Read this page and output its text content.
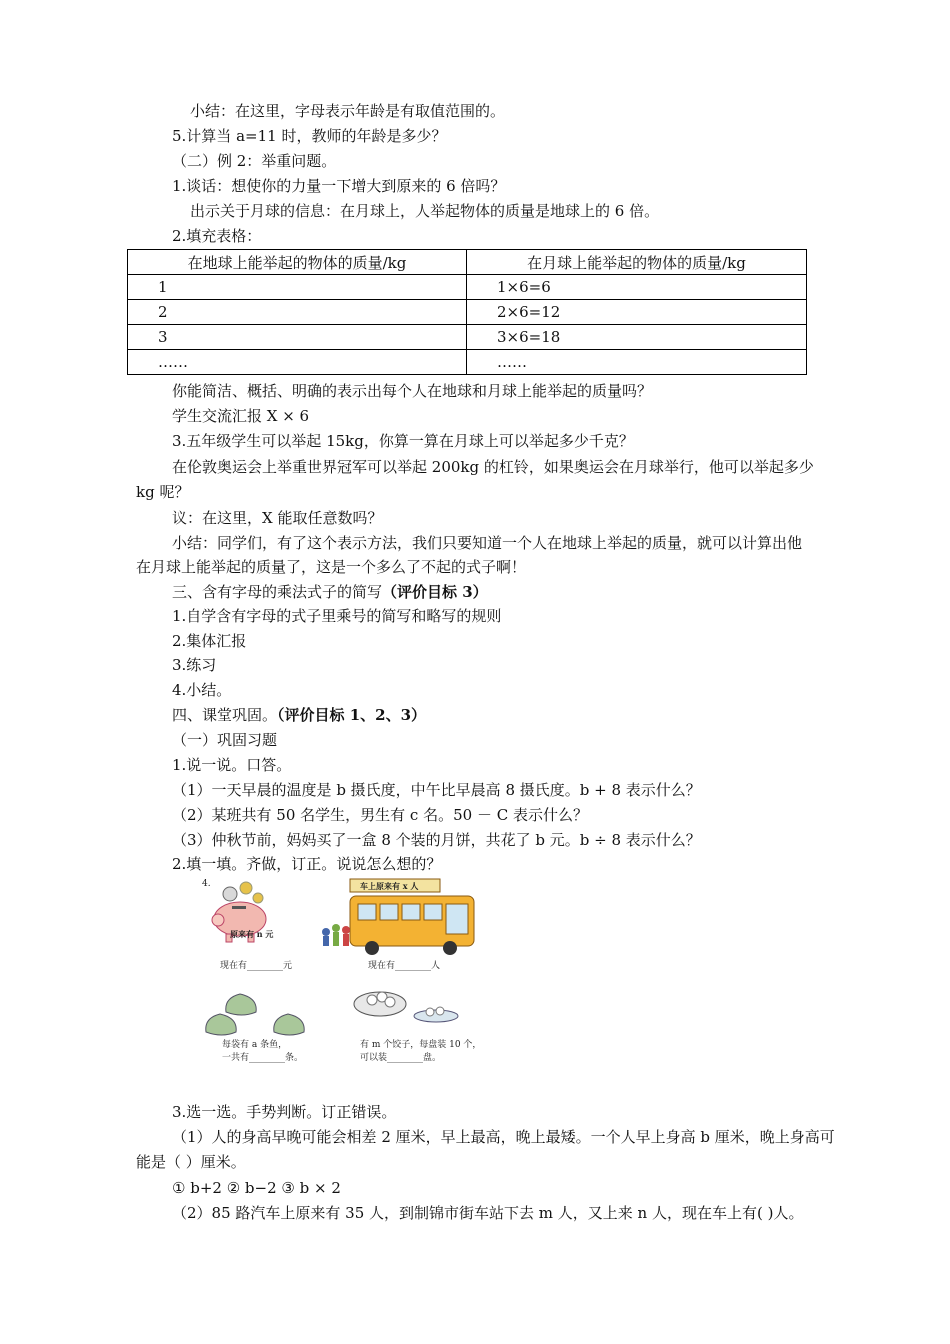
小结：在这里，字母表示年龄是有取值范围的。
5.计算当 a=11 时，教师的年龄是多少？
（二）例 2：举重问题。
1.谈话：想使你的力量一下增大到原来的 6 倍吗？
出示关于月球的信息：在月球上，人举起物体的质量是地球上的 6 倍。
2.填充表格：
在地球上能举起的物体的质量/kg	在月球上能举起的物体的质量/kg
1	1×6=6
2	2×6=12
3	3×6=18
……	……
你能简洁、概括、明确的表示出每个人在地球和月球上能举起的质量吗？
学生交流汇报 X × 6
3.五年级学生可以举起 15kg，你算一算在月球上可以举起多少千克？
在伦敦奥运会上举重世界冠军可以举起 200kg 的杠铃，如果奥运会在月球举行，他可以举起多少
kg 呢？
议：在这里，X 能取任意数吗？
小结：同学们，有了这个表示方法，我们只要知道一个人在地球上举起的质量，就可以计算出他
在月球上能举起的质量了，这是一个多么了不起的式子啊！
三、含有字母的乘法式子的简写（评价目标 3）
1.自学含有字母的式子里乘号的简写和略写的规则
2.集体汇报
3.练习
4.小结。
四、课堂巩固。（评价目标 1、2、3）
（一）巩固习题
1.说一说。口答。
（1）一天早晨的温度是 b 摄氏度，中午比早晨高 8 摄氏度。b + 8 表示什么？
（2）某班共有 50 名学生，男生有 c 名。50 － C 表示什么？
（3）仲秋节前，妈妈买了一盒 8 个装的月饼，共花了 b 元。b ÷ 8 表示什么？
2.填一填。齐做，订正。说说怎么想的？
4.
原来有 n 元
车上原来有 x 人
现在有________元	现在有________人
每袋有 a 条鱼，
一共有________条。
有 m 个饺子，每盘装 10 个，
可以装________盘。
3.选一选。手势判断。订正错误。
（1）人的身高早晚可能会相差 2 厘米，早上最高，晚上最矮。一个人早上身高 b 厘米，晚上身高可
能是（ ）厘米。
① b+2 ② b−2 ③ b × 2
（2）85 路汽车上原来有 35 人，到制锦市街车站下去 m 人，又上来 n 人，现在车上有( )人。
